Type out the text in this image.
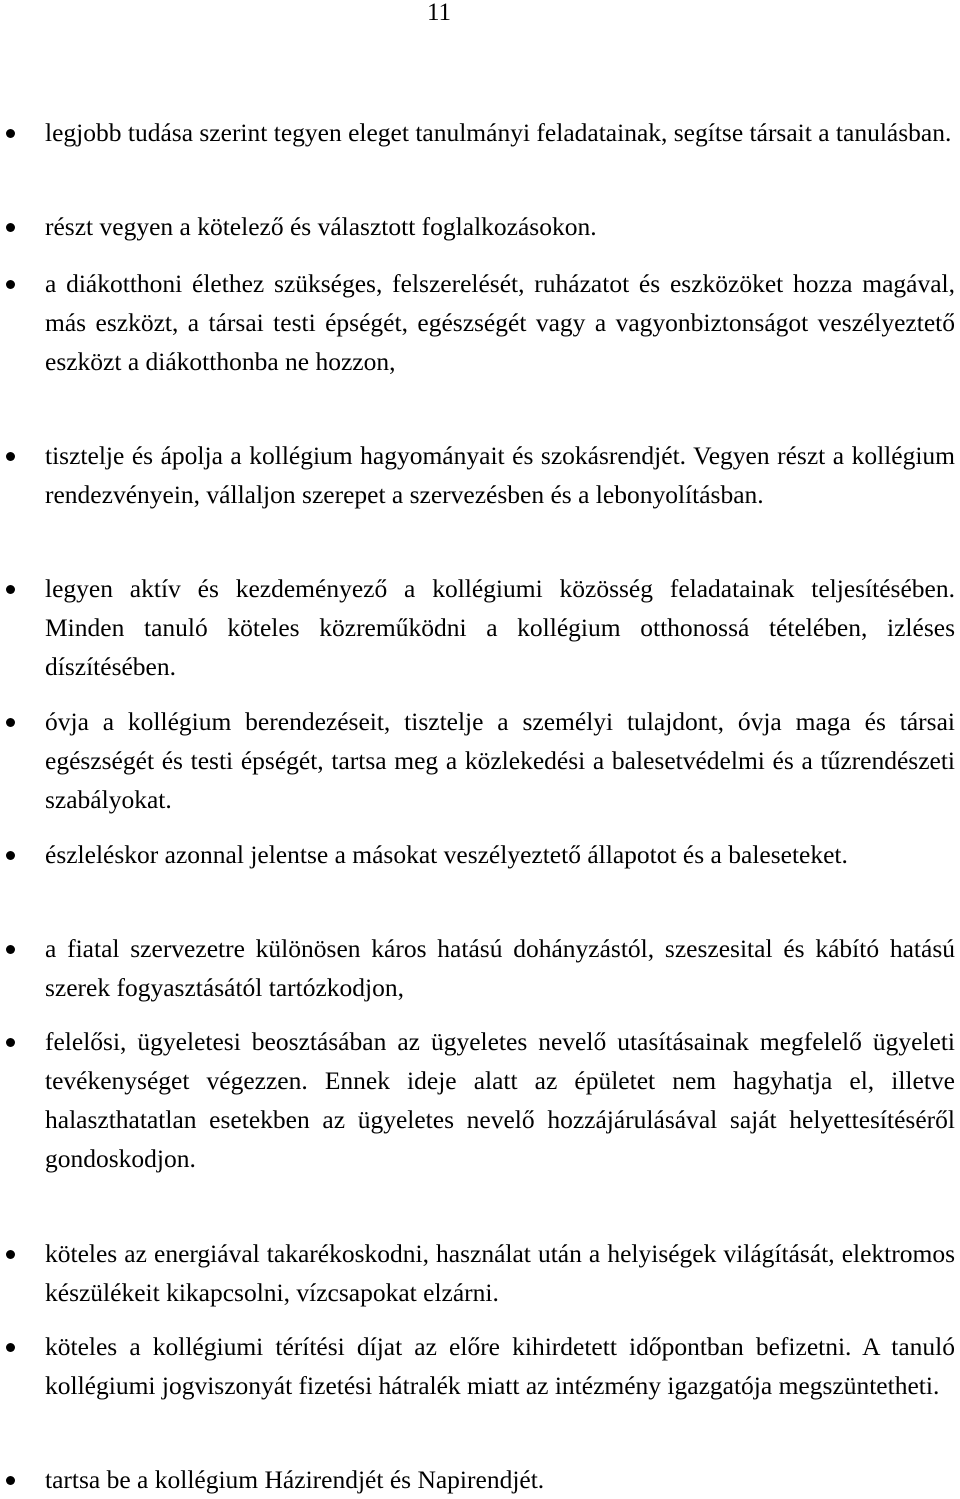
11
legjobb tudása szerint tegyen eleget tanulmányi feladatainak, segítse társait a tanulásban.
részt vegyen a kötelező és választott foglalkozásokon.
a diákotthoni élethez szükséges, felszerelését, ruházatot és eszközöket hozza magával, más eszközt, a társai testi épségét, egészségét vagy a vagyonbiztonságot veszélyeztető eszközt a diákotthonba ne hozzon,
tisztelje és ápolja a kollégium hagyományait és szokásrendjét. Vegyen részt a kollégium rendezvényein, vállaljon szerepet a szervezésben és a lebonyolításban.
legyen aktív és kezdeményező a kollégiumi közösség feladatainak teljesítésében. Minden tanuló köteles közreműködni a kollégium otthonossá tételében, izléses díszítésében.
óvja a kollégium berendezéseit, tisztelje a személyi tulajdont, óvja maga és társai egészségét és testi épségét, tartsa meg a közlekedési a balesetvédelmi és a tűzrendészeti szabályokat.
észleléskor azonnal jelentse a másokat veszélyeztető állapotot és a baleseteket.
a fiatal szervezetre különösen káros hatású dohányzástól, szeszesital és kábító hatású szerek fogyasztásától tartózkodjon,
felelősi, ügyeletesi beosztásában az ügyeletes nevelő utasításainak megfelelő ügyeleti tevékenységet végezzen. Ennek ideje alatt az épületet nem hagyhatja el, illetve halaszthatatlan esetekben az ügyeletes nevelő hozzájárulásával saját helyettesítéséről gondoskodjon.
köteles az energiával takarékoskodni, használat után a helyiségek világítását, elektromos készülékeit kikapcsolni, vízcsapokat elzárni.
köteles a kollégiumi térítési díjat az előre kihirdetett időpontban befizetni. A tanuló kollégiumi jogviszonyát fizetési hátralék miatt az intézmény igazgatója megszüntetheti.
tartsa be a kollégium Házirendjét és Napirendjét.
